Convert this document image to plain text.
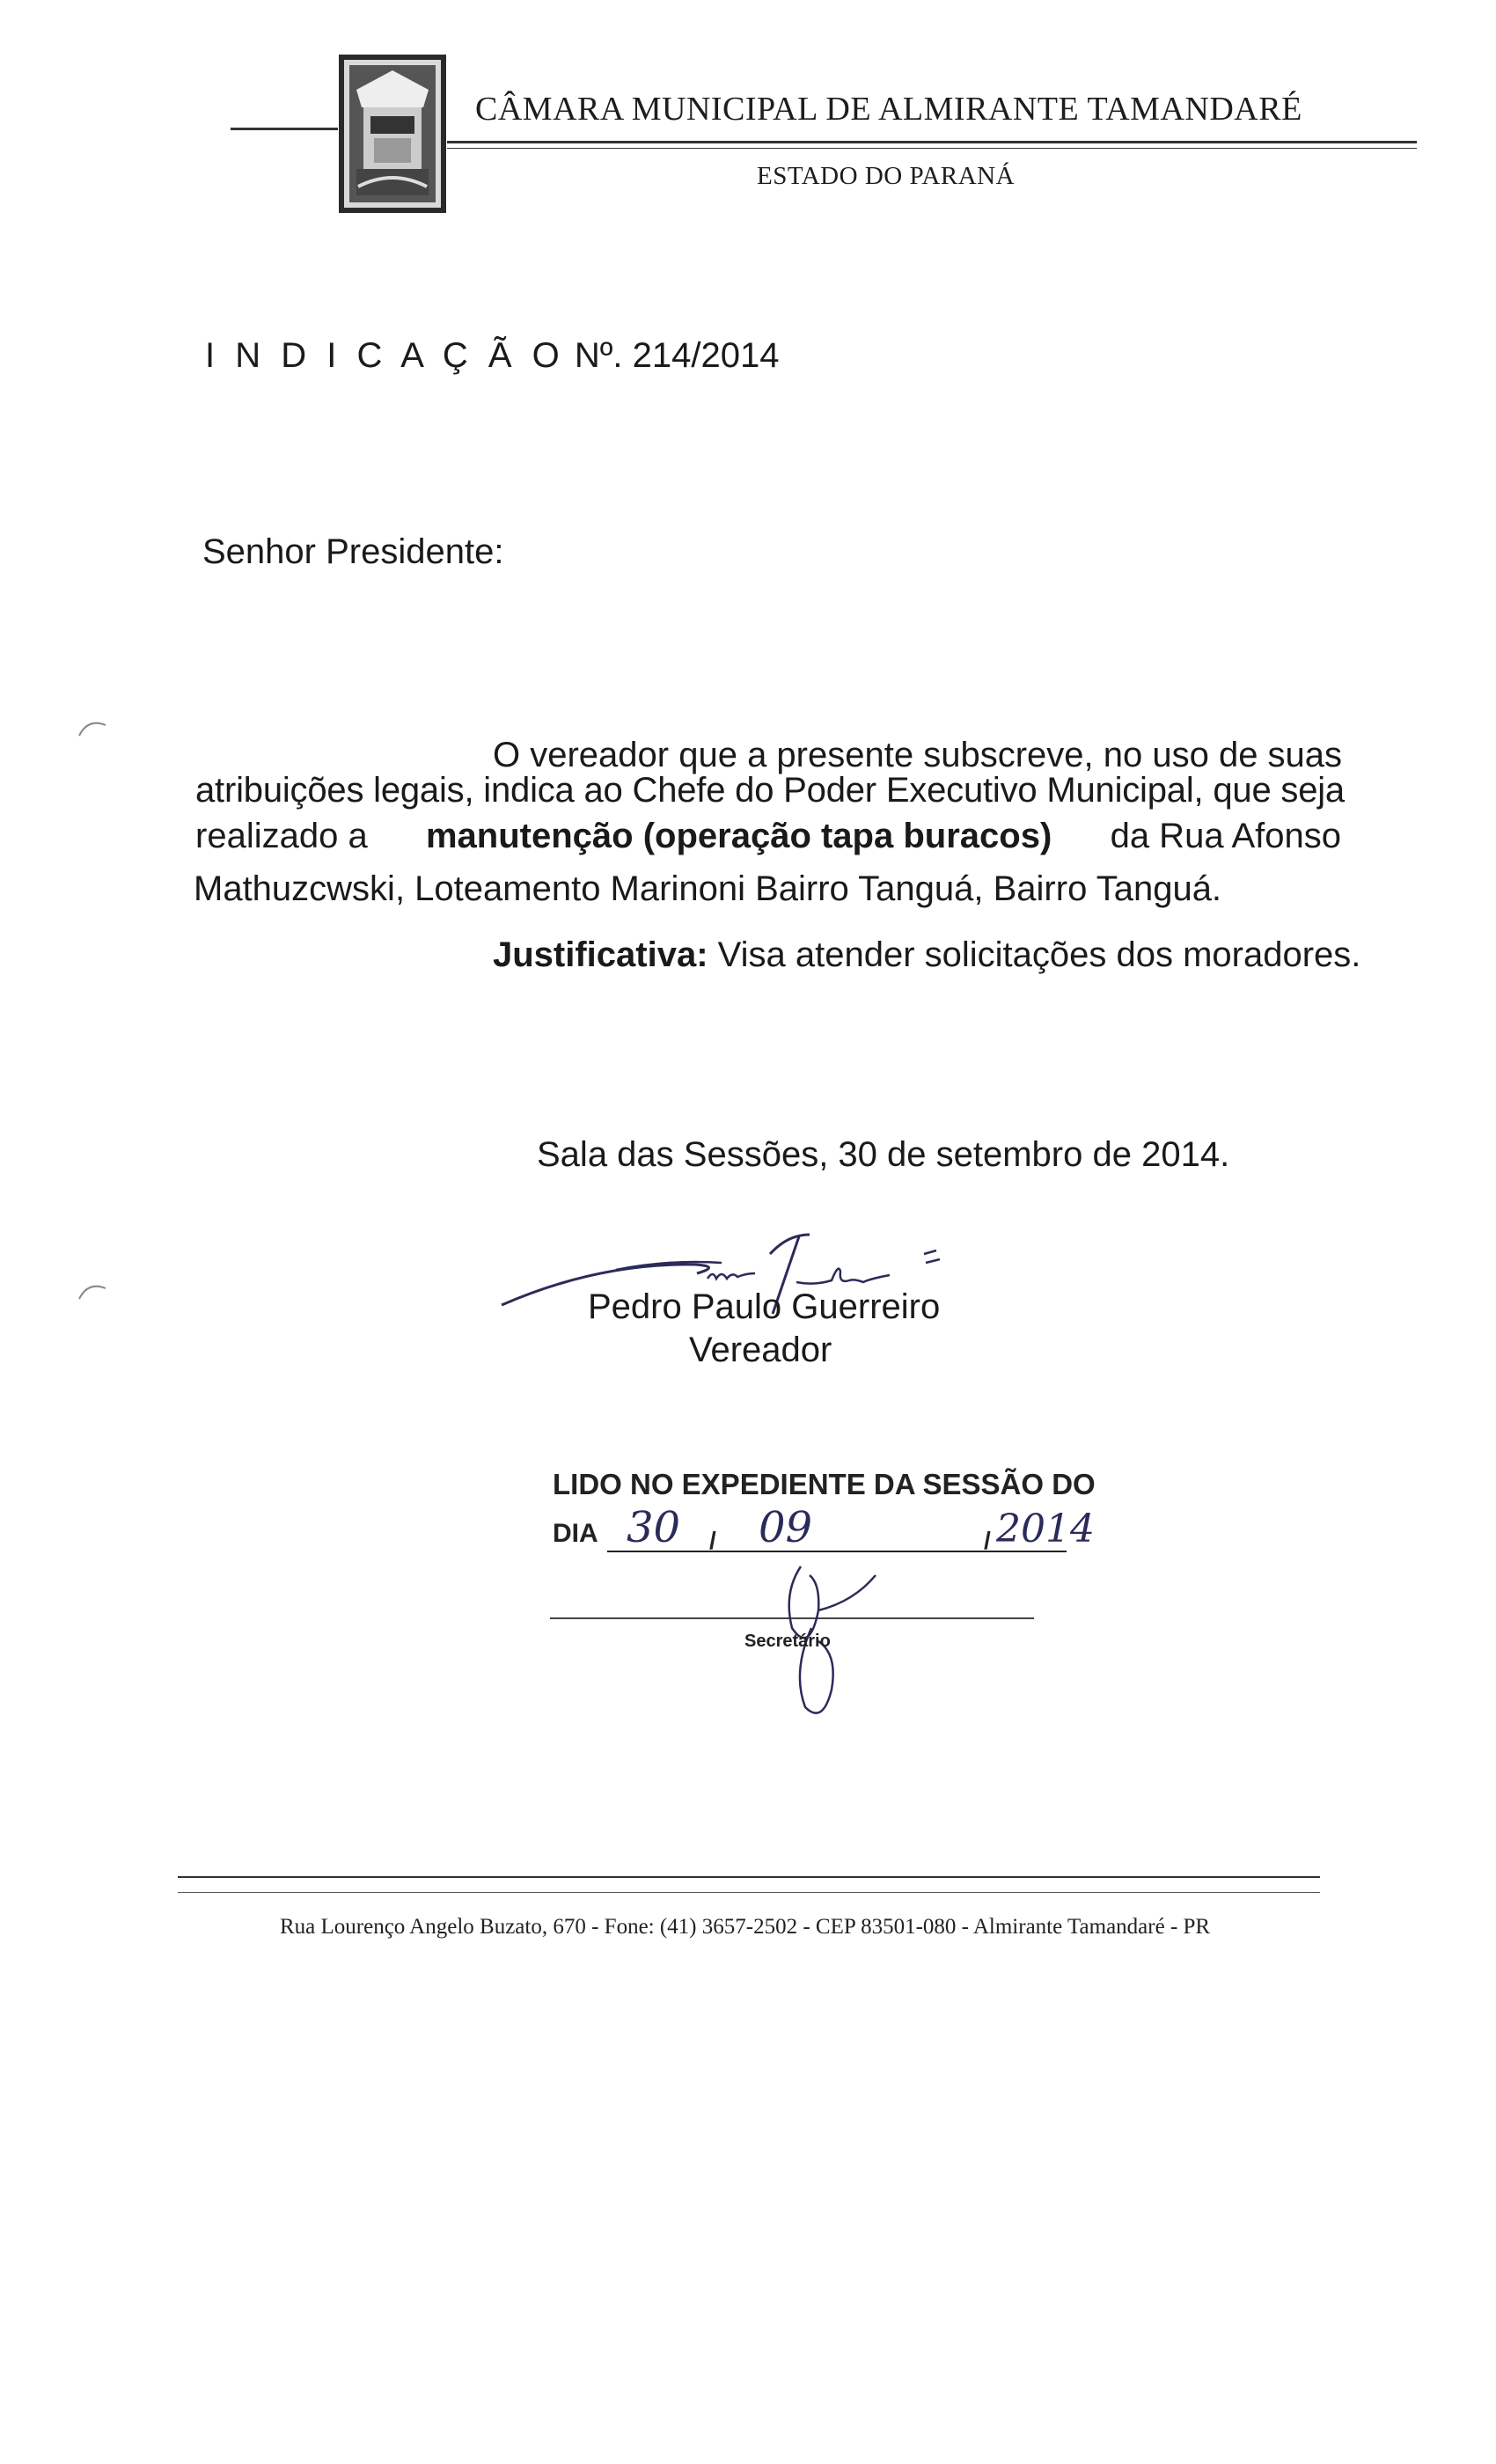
CÂMARA MUNICIPAL DE ALMIRANTE TAMANDARÉ
ESTADO DO PARANÁ
I N D I C A Ç Ã O Nº. 214/2014
Senhor Presidente:
O vereador que a presente subscreve, no uso de suas
atribuições legais, indica ao Chefe do Poder Executivo Municipal, que seja
realizado a manutenção (operação tapa buracos) da Rua Afonso
Mathuzcwski, Loteamento Marinoni Bairro Tanguá, Bairro Tanguá.
Justificativa: Visa atender solicitações dos moradores.
Sala das Sessões, 30 de setembro de 2014.
Pedro Paulo Guerreiro
Vereador
LIDO NO EXPEDIENTE DA SESSÃO DO
DIA	/	/
30 09	2014
Secretário
Rua Lourenço Angelo Buzato, 670 - Fone: (41) 3657-2502 - CEP 83501-080 - Almirante Tamandaré - PR
